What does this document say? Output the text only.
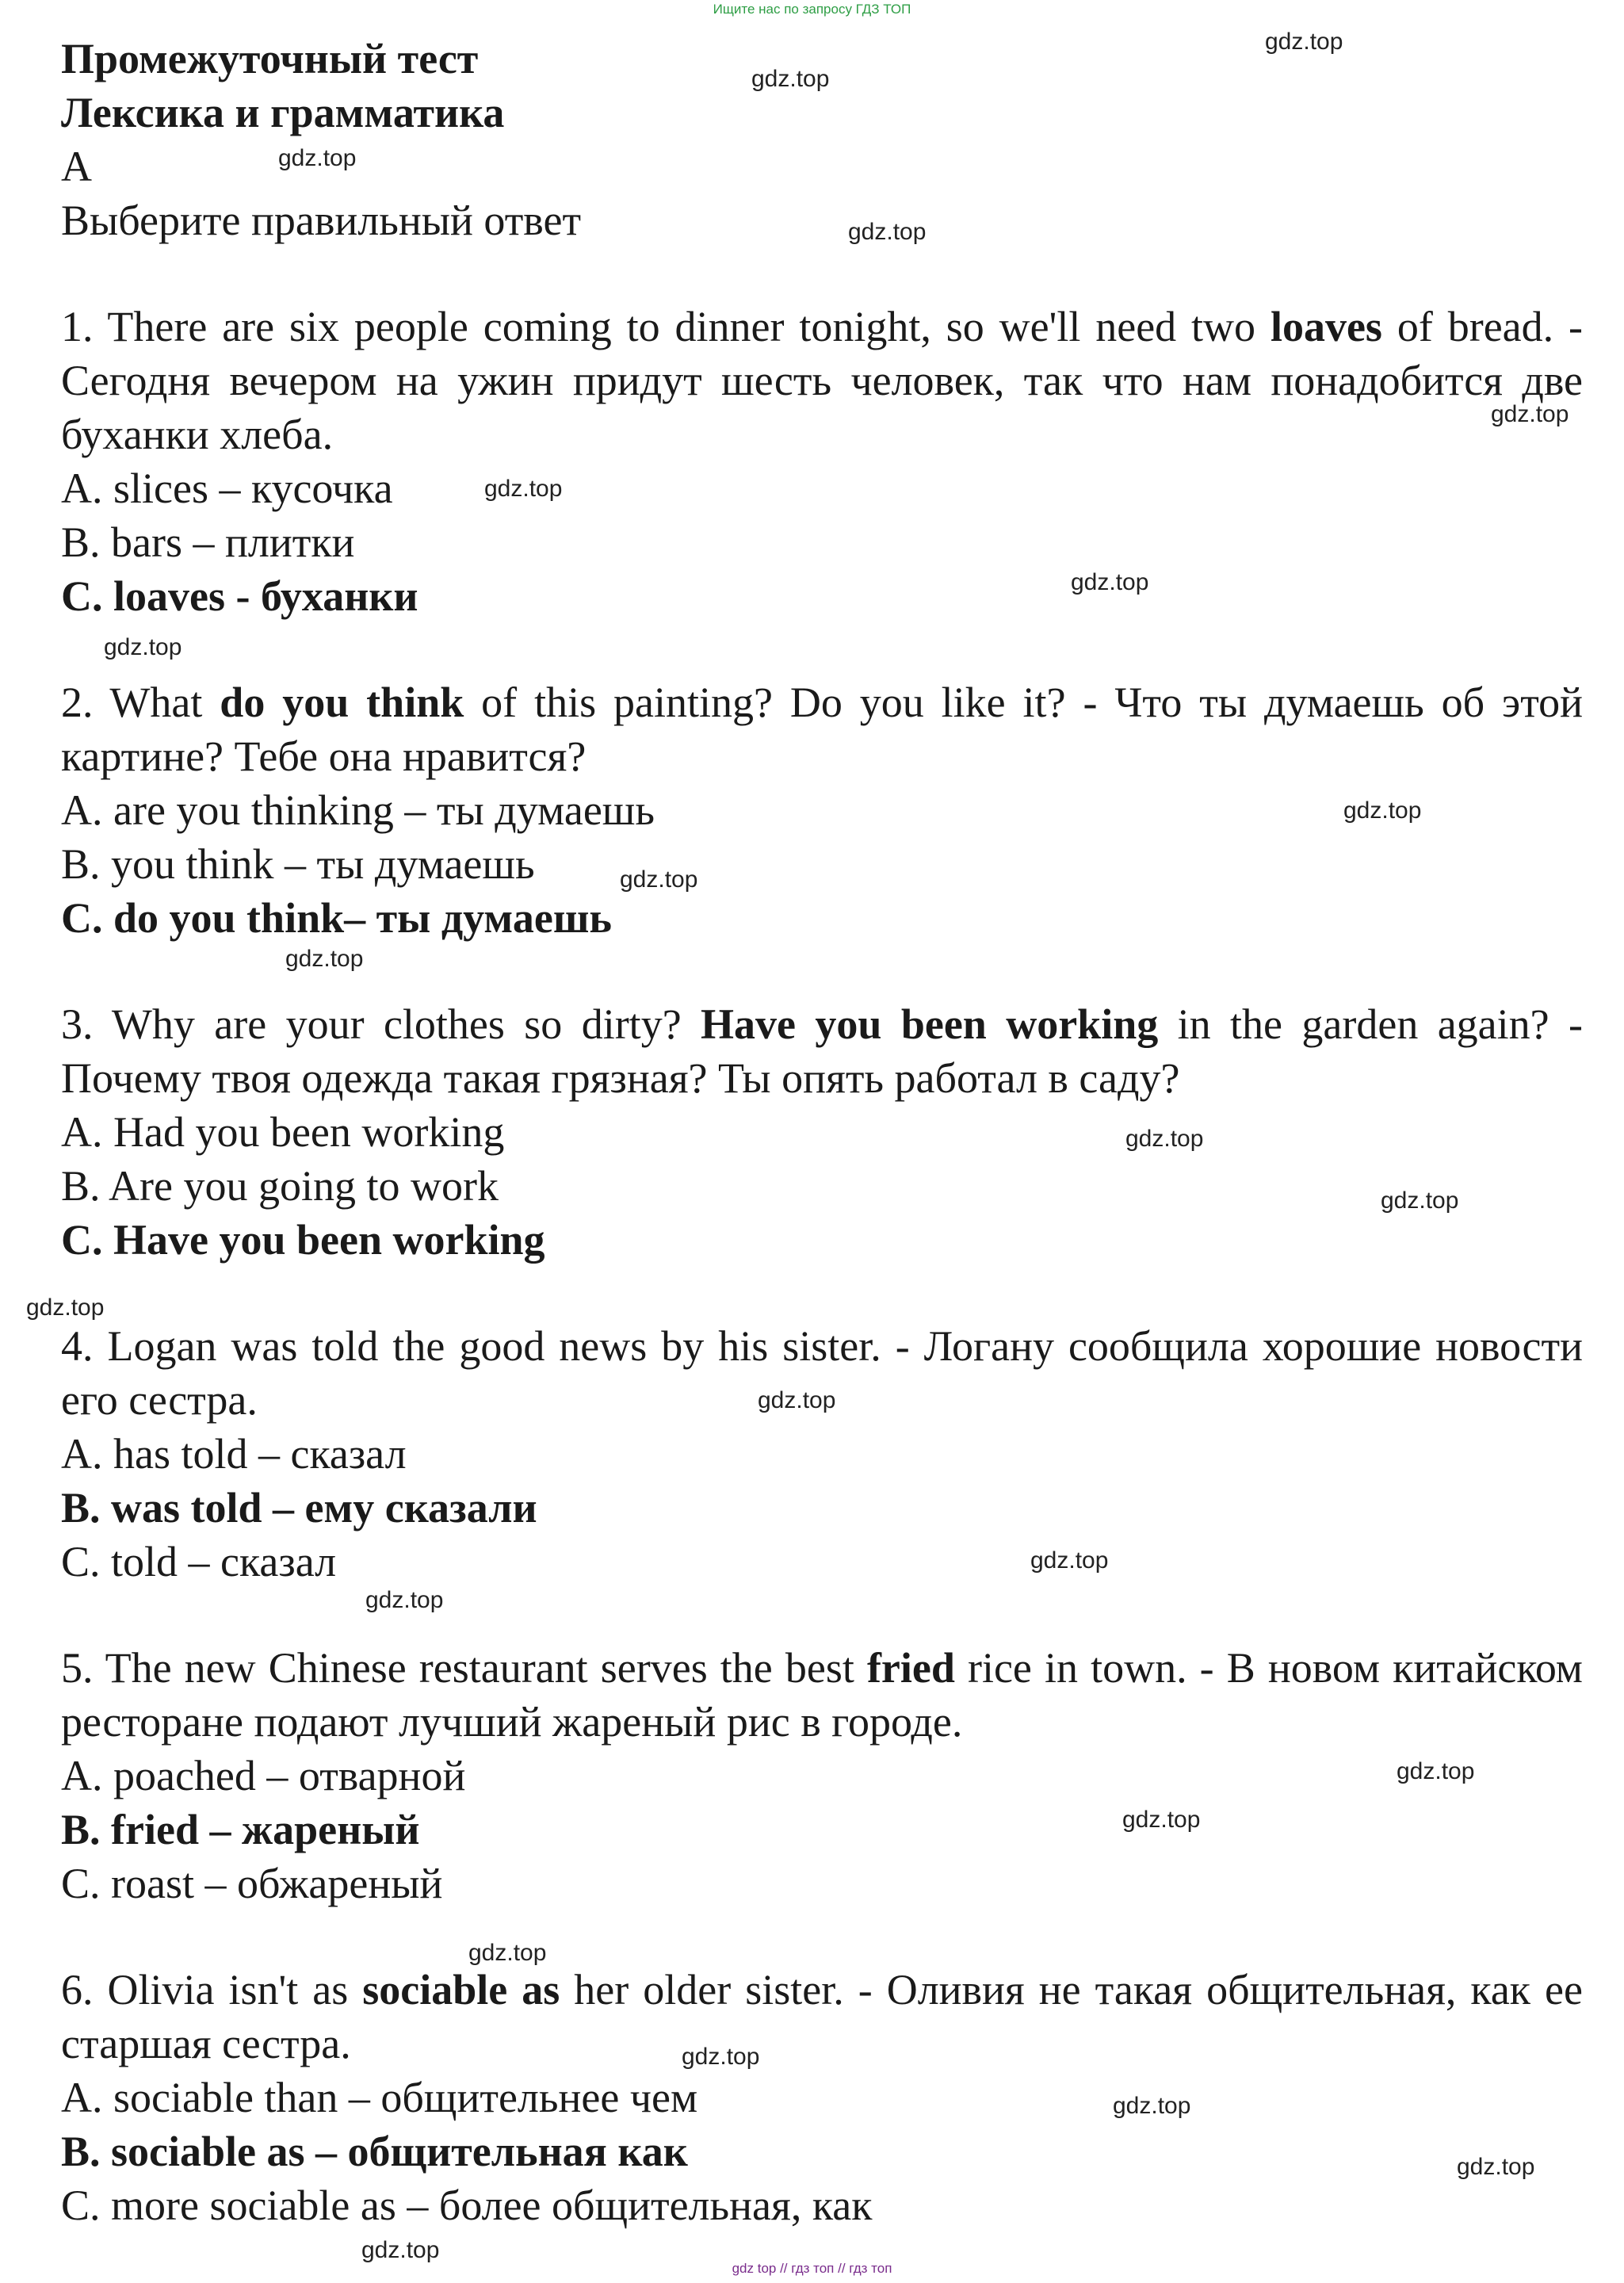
Ищите нас по запросу ГДЗ ТОП

Промежуточный тест

Лексика и грамматика

А

Выберите правильный ответ

1. There are six people coming to dinner tonight, so we'll need two loaves of bread. - Сегодня вечером на ужин придут шесть человек, так что нам понадобится две буханки хлеба.

A. slices – кусочка

B. bars – плитки

C. loaves - буханки

2. What do you think of this painting? Do you like it? - Что ты думаешь об этой картине? Тебе она нравится?

A. are you thinking – ты думаешь

B. you think – ты думаешь

C. do you think– ты думаешь

3. Why are your clothes so dirty? Have you been working in the garden again? - Почему твоя одежда такая грязная? Ты опять работал в саду?

A. Had you been working

B. Are you going to work

C. Have you been working

4. Logan was told the good news by his sister. - Логану сообщила хорошие новости его сестра.

A. has told – сказал

B. was told – ему сказали

C. told – сказал

5. The new Chinese restaurant serves the best fried rice in town. - В новом китайском ресторане подают лучший жареный рис в городе.

A. poached – отварной

B. fried – жареный

C. roast – обжареный

6. Olivia isn't as sociable as her older sister. - Оливия не такая общительная, как ее старшая сестра.

A. sociable than – общительнее чем

B. sociable as – общительная как

C. more sociable as – более общительная, как

gdz.top
gdz.top
gdz.top
gdz.top
gdz.top
gdz.top
gdz.top
gdz.top
gdz.top
gdz.top
gdz.top
gdz.top
gdz.top
gdz.top
gdz.top
gdz.top
gdz.top
gdz.top
gdz.top
gdz.top
gdz.top
gdz.top
gdz.top
gdz.top
gdz top // гдз топ // гдз топ
